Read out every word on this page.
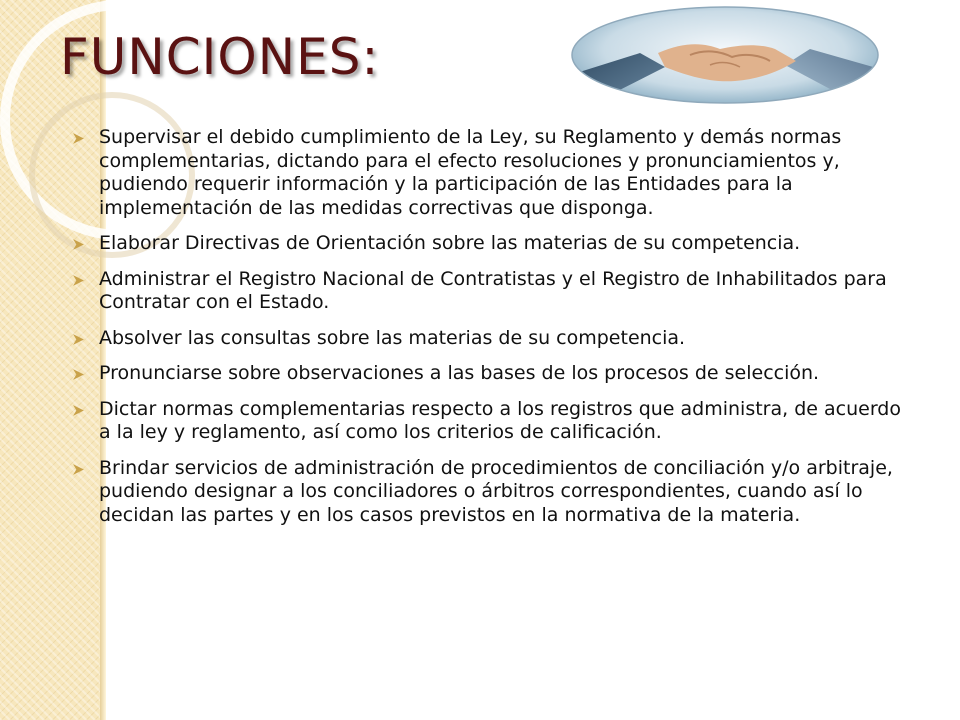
FUNCIONES:
Supervisar el debido cumplimiento de la Ley, su Reglamento y demás normas complementarias, dictando para el efecto resoluciones y pronunciamientos y, pudiendo requerir información y la participación de las Entidades para la implementación de las medidas correctivas que disponga.
Elaborar Directivas de Orientación sobre las materias de su competencia.
Administrar el Registro Nacional de Contratistas y el Registro de Inhabilitados para Contratar con el Estado.
Absolver las consultas sobre las materias de su competencia.
Pronunciarse sobre observaciones a las bases de los procesos de selección.
Dictar normas complementarias respecto a los registros que administra, de acuerdo a la ley y reglamento, así como los criterios de calificación.
Brindar servicios de administración de procedimientos de conciliación y/o arbitraje, pudiendo designar a los conciliadores o árbitros correspondientes, cuando así lo decidan las partes y en los casos previstos en la normativa de la materia.
